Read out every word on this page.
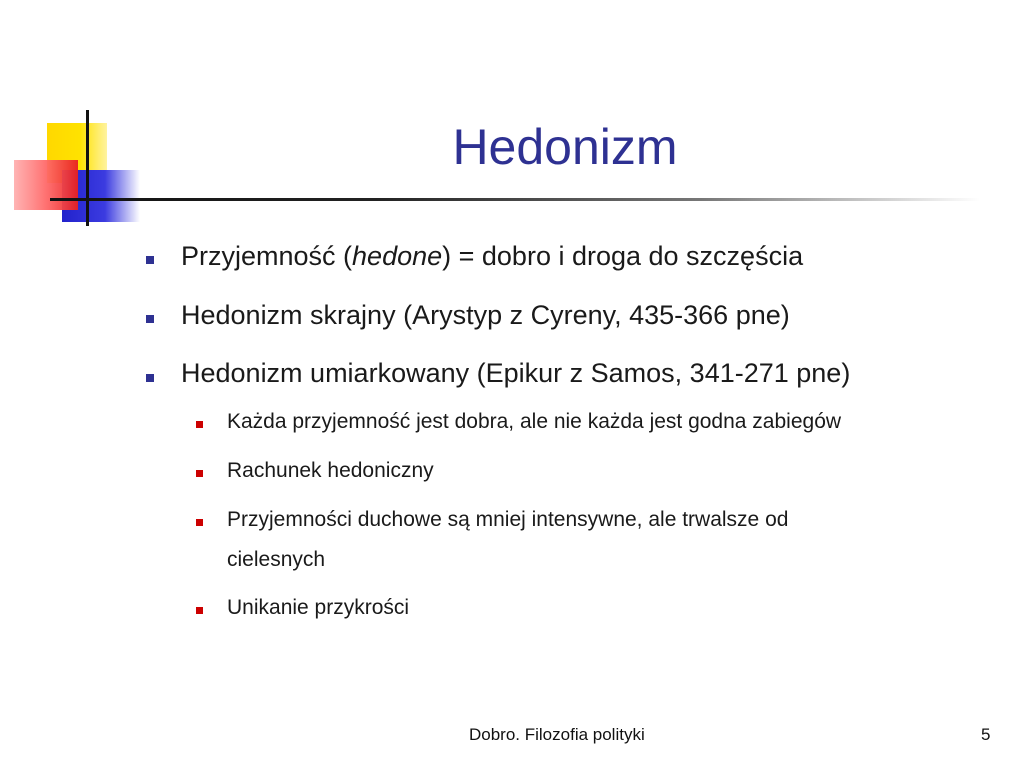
Hedonizm
Przyjemność (hedone) = dobro i droga do szczęścia
Hedonizm skrajny (Arystyp z Cyreny, 435-366 pne)
Hedonizm umiarkowany (Epikur z Samos, 341-271 pne)
Każda przyjemność jest dobra, ale nie każda jest godna zabiegów
Rachunek hedoniczny
Przyjemności duchowe są mniej intensywne, ale trwalsze od
cielesnych
Unikanie przykrości
Dobro. Filozofia polityki	5
